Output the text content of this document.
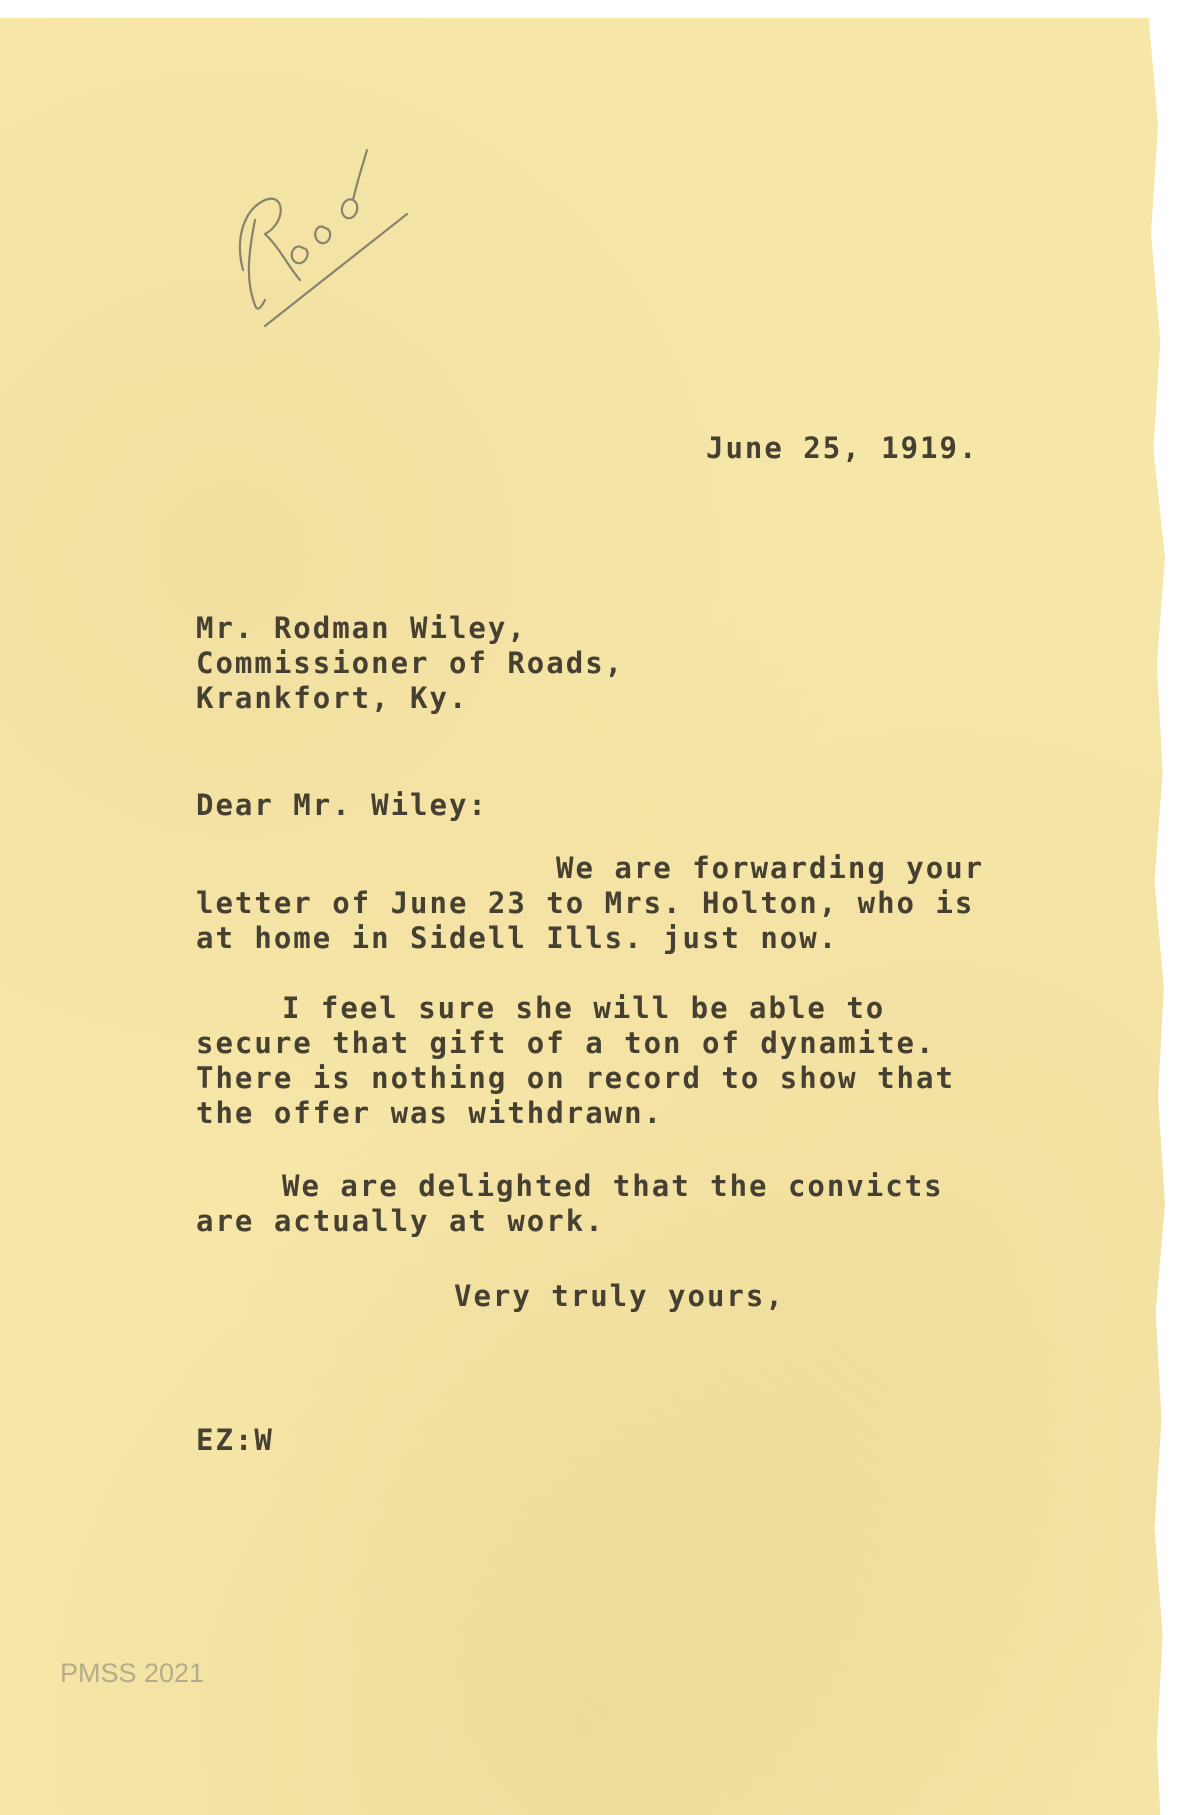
June 25, 1919.
Mr. Rodman Wiley,
Commissioner of Roads,
Krankfort, Ky.
Dear Mr. Wiley:
We are forwarding your
letter of June 23 to Mrs. Holton, who is
at home in Sidell Ills. just now.
I feel sure she will be able to
secure that gift of a ton of dynamite.
There is nothing on record to show that
the offer was withdrawn.
We are delighted that the convicts
are actually at work.
Very truly yours,
EZ:W
PMSS 2021
